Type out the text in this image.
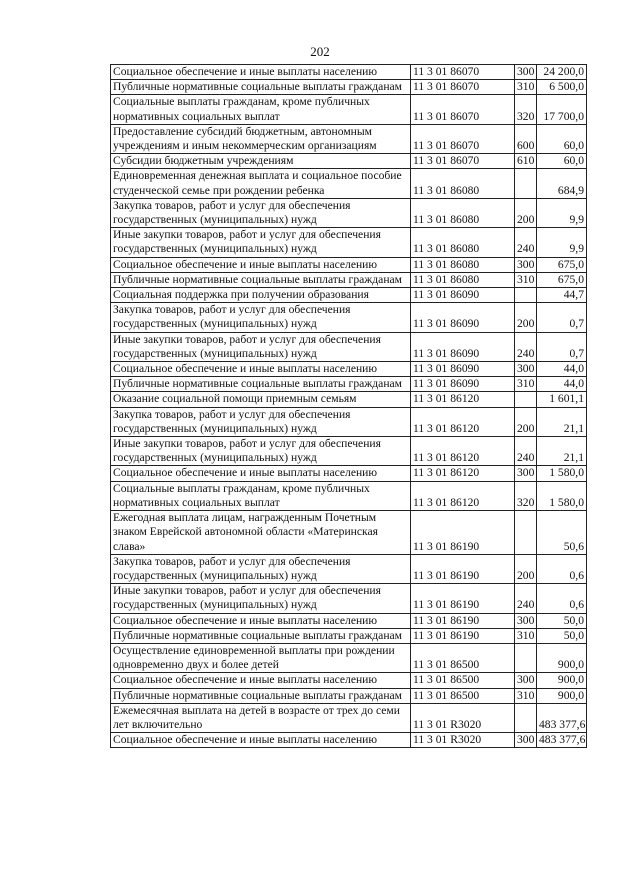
202
Социальное обеспечение и иные выплаты населению	11 3 01 86070	300	24 200,0
Публичные нормативные социальные выплаты гражданам	11 3 01 86070	310	6 500,0
Социальные выплаты гражданам, кроме публичных нормативных социальных выплат	11 3 01 86070	320	17 700,0
Предоставление субсидий бюджетным, автономным учреждениям и иным некоммерческим организациям	11 3 01 86070	600	60,0
Субсидии бюджетным учреждениям	11 3 01 86070	610	60,0
Единовременная денежная выплата и социальное пособие студенческой семье при рождении ребенка	11 3 01 86080		684,9
Закупка товаров, работ и услуг для обеспечения государственных (муниципальных) нужд	11 3 01 86080	200	9,9
Иные закупки товаров, работ и услуг для обеспечения государственных (муниципальных) нужд	11 3 01 86080	240	9,9
Социальное обеспечение и иные выплаты населению	11 3 01 86080	300	675,0
Публичные нормативные социальные выплаты гражданам	11 3 01 86080	310	675,0
Социальная поддержка при получении образования	11 3 01 86090		44,7
Закупка товаров, работ и услуг для обеспечения государственных (муниципальных) нужд	11 3 01 86090	200	0,7
Иные закупки товаров, работ и услуг для обеспечения государственных (муниципальных) нужд	11 3 01 86090	240	0,7
Социальное обеспечение и иные выплаты населению	11 3 01 86090	300	44,0
Публичные нормативные социальные выплаты гражданам	11 3 01 86090	310	44,0
Оказание социальной помощи приемным семьям	11 3 01 86120		1 601,1
Закупка товаров, работ и услуг для обеспечения государственных (муниципальных) нужд	11 3 01 86120	200	21,1
Иные закупки товаров, работ и услуг для обеспечения государственных (муниципальных) нужд	11 3 01 86120	240	21,1
Социальное обеспечение и иные выплаты населению	11 3 01 86120	300	1 580,0
Социальные выплаты гражданам, кроме публичных нормативных социальных выплат	11 3 01 86120	320	1 580,0
Ежегодная выплата лицам, награжденным Почетным знаком Еврейской автономной области «Материнская слава»	11 3 01 86190		50,6
Закупка товаров, работ и услуг для обеспечения государственных (муниципальных) нужд	11 3 01 86190	200	0,6
Иные закупки товаров, работ и услуг для обеспечения государственных (муниципальных) нужд	11 3 01 86190	240	0,6
Социальное обеспечение и иные выплаты населению	11 3 01 86190	300	50,0
Публичные нормативные социальные выплаты гражданам	11 3 01 86190	310	50,0
Осуществление единовременной выплаты при рождении одновременно двух и более детей	11 3 01 86500		900,0
Социальное обеспечение и иные выплаты населению	11 3 01 86500	300	900,0
Публичные нормативные социальные выплаты гражданам	11 3 01 86500	310	900,0
Ежемесячная выплата на детей в возрасте от трех до семи лет включительно	11 3 01 R3020		483 377,6
Социальное обеспечение и иные выплаты населению	11 3 01 R3020	300	483 377,6
